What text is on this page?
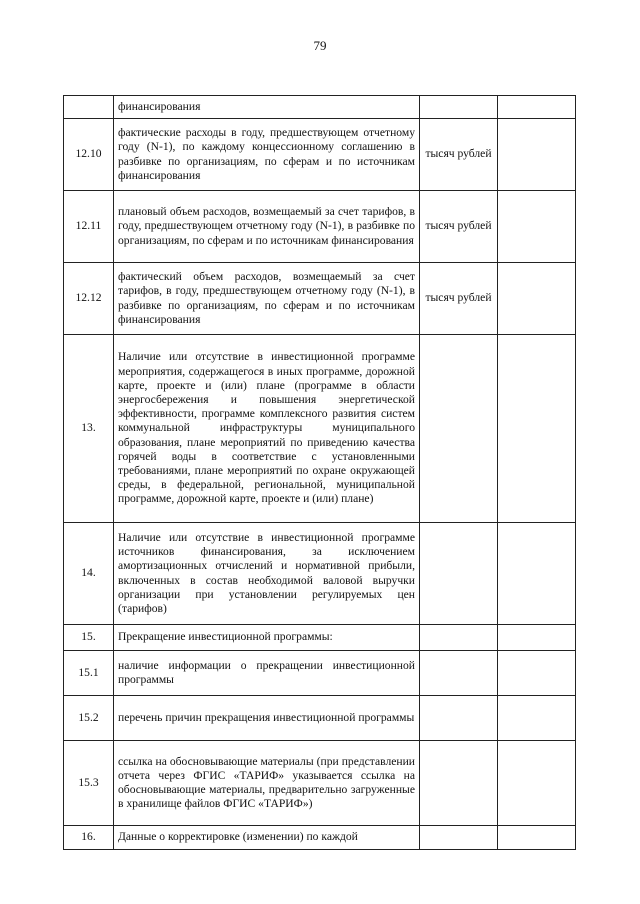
79
	финансирования		
12.10	фактические расходы в году, предшествующем отчетному году (N-1), по каждому концессионному соглашению в разбивке по организациям, по сферам и по источникам финансирования	тысяч рублей	
12.11	плановый объем расходов, возмещаемый за счет тарифов, в году, предшествующем отчетному году (N-1), в разбивке по организациям, по сферам и по источникам финансирования	тысяч рублей	
12.12	фактический объем расходов, возмещаемый за счет тарифов, в году, предшествующем отчетному году (N-1), в разбивке по организациям, по сферам и по источникам финансирования	тысяч рублей	
13.	Наличие или отсутствие в инвестиционной программе мероприятия, содержащегося в иных программе, дорожной карте, проекте и (или) плане (программе в области энергосбережения и повышения энергетической эффективности, программе комплексного развития систем коммунальной инфраструктуры муниципального образования, плане мероприятий по приведению качества горячей воды в соответствие с установленными требованиями, плане мероприятий по охране окружающей среды, в федеральной, региональной, муниципальной программе, дорожной карте, проекте и (или) плане)		
14.	Наличие или отсутствие в инвестиционной программе источников финансирования, за исключением амортизационных отчислений и нормативной прибыли, включенных в состав необходимой валовой выручки организации при установлении регулируемых цен (тарифов)		
15.	Прекращение инвестиционной программы:		
15.1	наличие информации о прекращении инвестиционной программы		
15.2	перечень причин прекращения инвестиционной программы		
15.3	ссылка на обосновывающие материалы (при представлении отчета через ФГИС «ТАРИФ» указывается ссылка на обосновывающие материалы, предварительно загруженные в хранилище файлов ФГИС «ТАРИФ»)		
16.	Данные о корректировке (изменении) по каждой		
